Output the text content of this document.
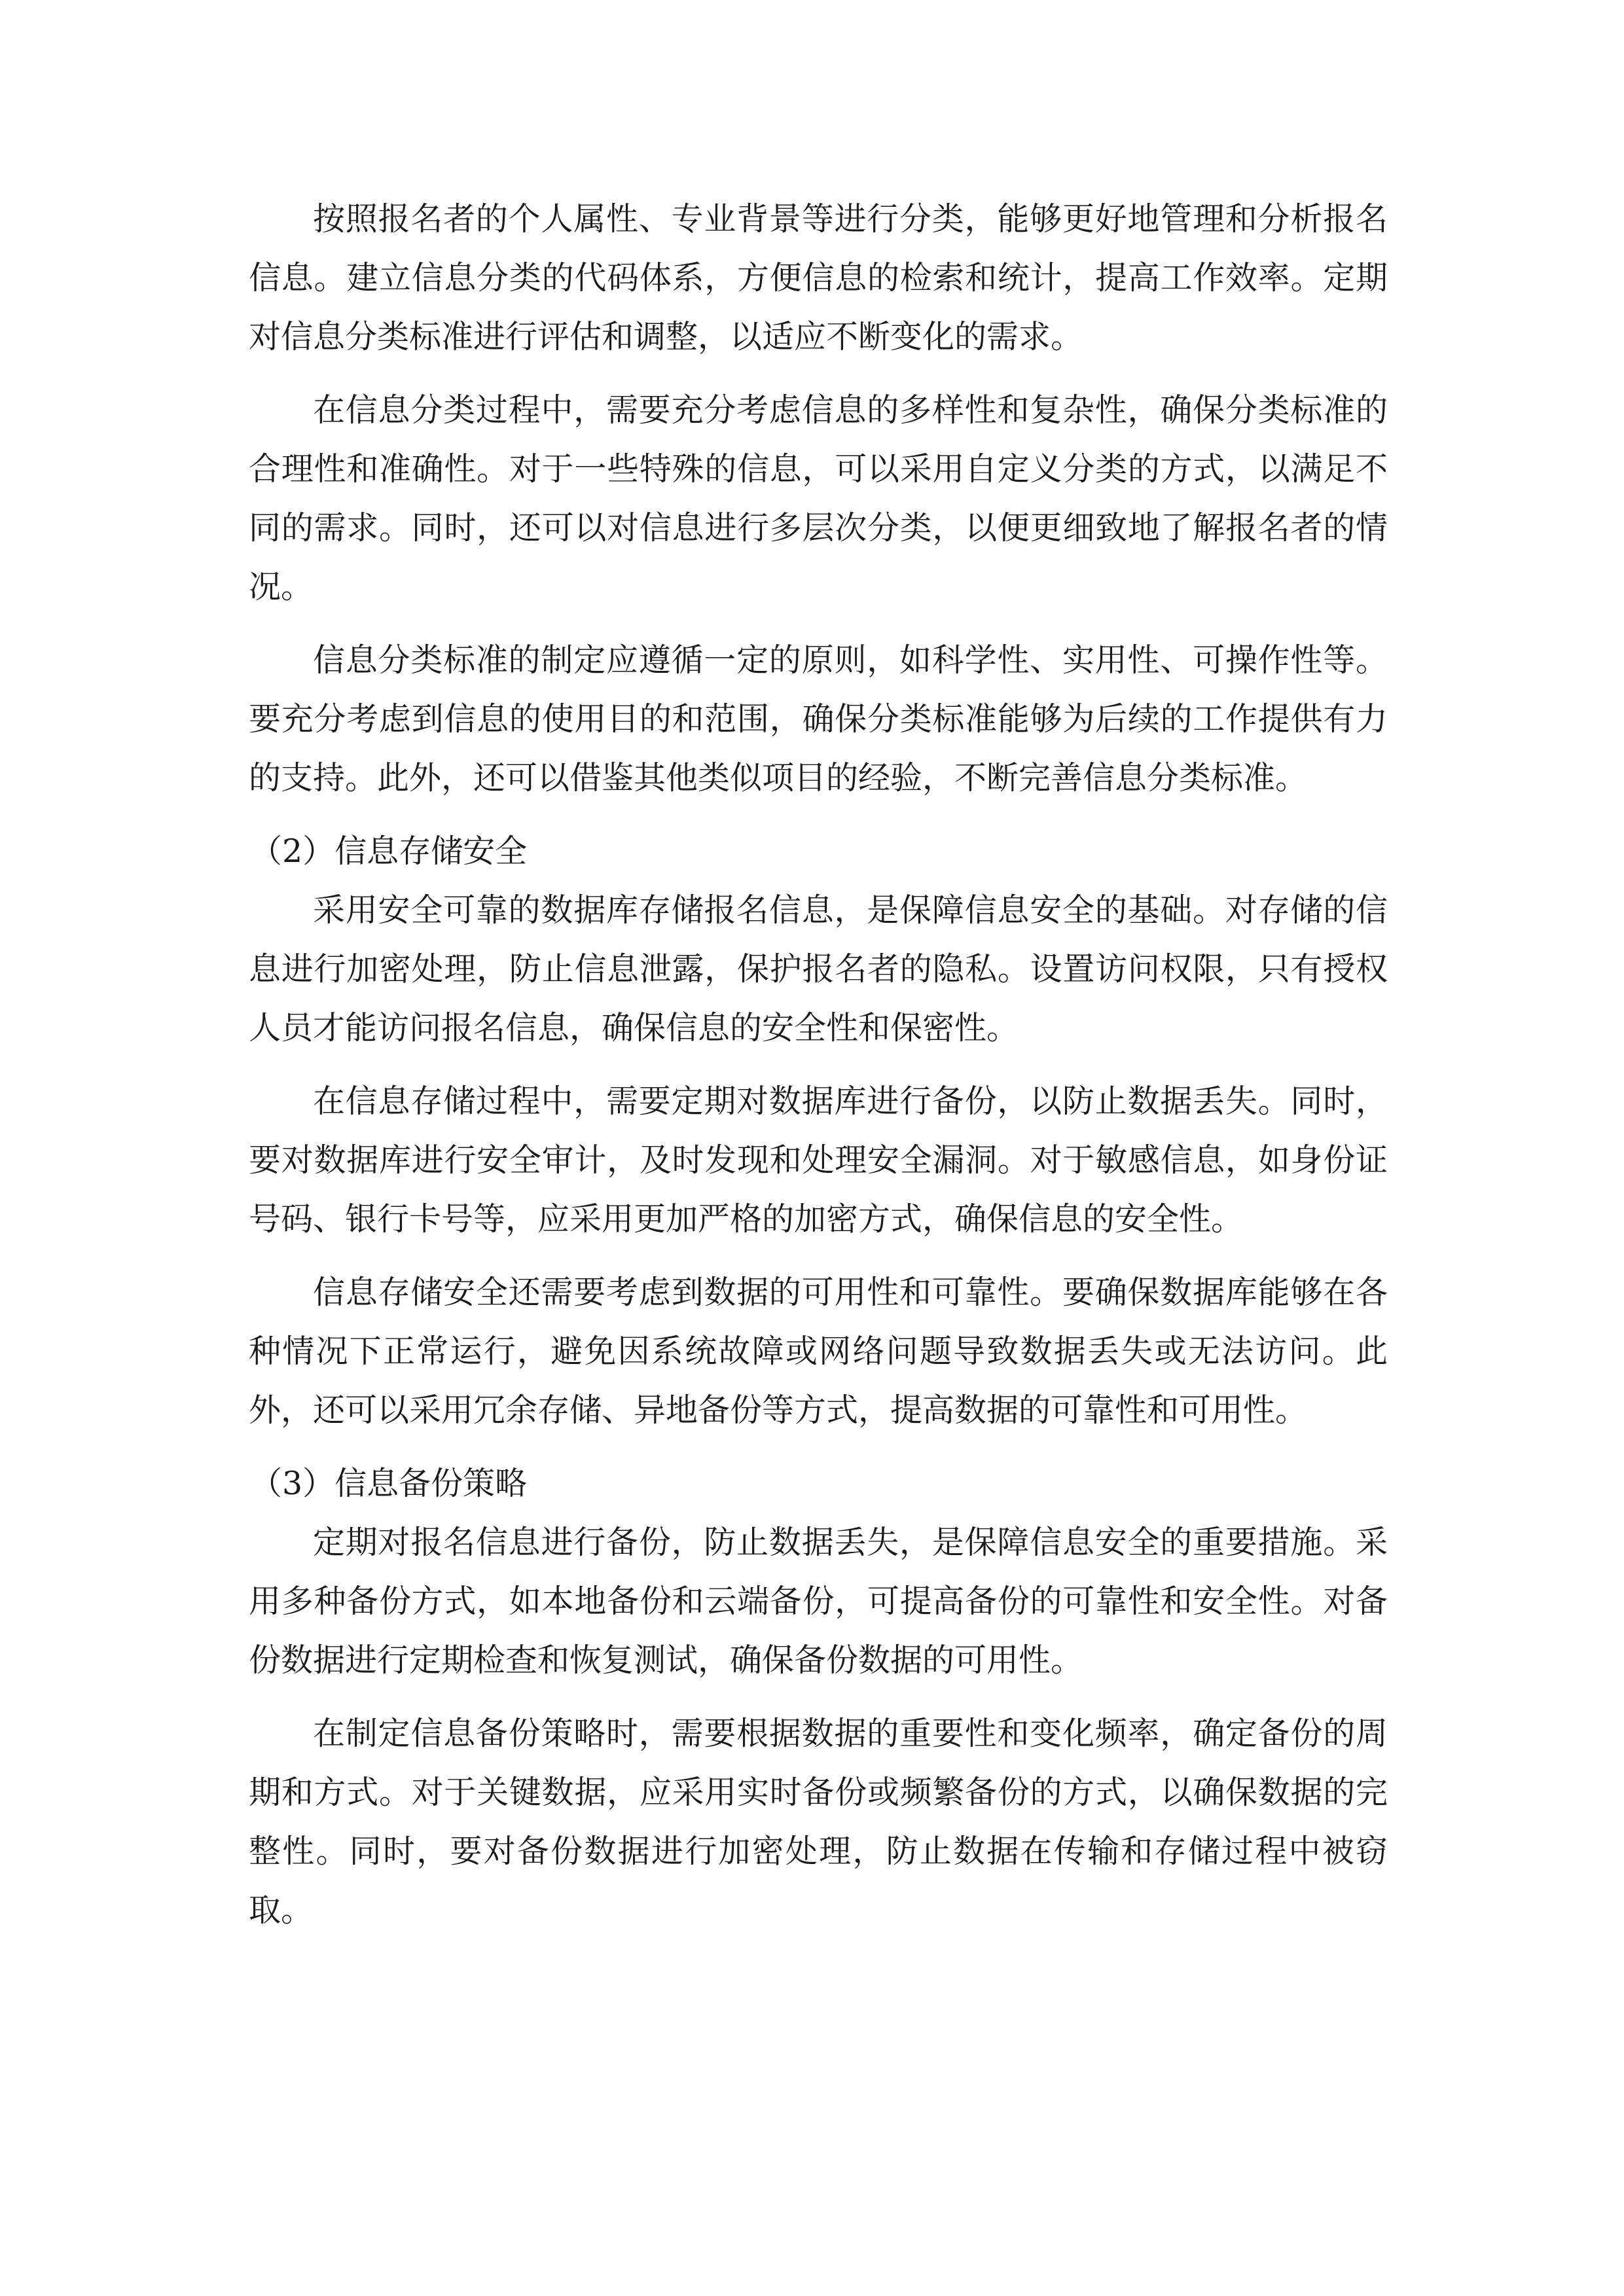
按照报名者的个人属性、专业背景等进行分类，能够更好地管理和分析报名信息。建立信息分类的代码体系，方便信息的检索和统计，提高工作效率。定期对信息分类标准进行评估和调整，以适应不断变化的需求。

在信息分类过程中，需要充分考虑信息的多样性和复杂性，确保分类标准的合理性和准确性。对于一些特殊的信息，可以采用自定义分类的方式，以满足不同的需求。同时，还可以对信息进行多层次分类，以便更细致地了解报名者的情况。

信息分类标准的制定应遵循一定的原则，如科学性、实用性、可操作性等。要充分考虑到信息的使用目的和范围，确保分类标准能够为后续的工作提供有力的支持。此外，还可以借鉴其他类似项目的经验，不断完善信息分类标准。

（2）信息存储安全

采用安全可靠的数据库存储报名信息，是保障信息安全的基础。对存储的信息进行加密处理，防止信息泄露，保护报名者的隐私。设置访问权限，只有授权人员才能访问报名信息，确保信息的安全性和保密性。

在信息存储过程中，需要定期对数据库进行备份，以防止数据丢失。同时，要对数据库进行安全审计，及时发现和处理安全漏洞。对于敏感信息，如身份证号码、银行卡号等，应采用更加严格的加密方式，确保信息的安全性。

信息存储安全还需要考虑到数据的可用性和可靠性。要确保数据库能够在各种情况下正常运行，避免因系统故障或网络问题导致数据丢失或无法访问。此外，还可以采用冗余存储、异地备份等方式，提高数据的可靠性和可用性。

（3）信息备份策略

定期对报名信息进行备份，防止数据丢失，是保障信息安全的重要措施。采用多种备份方式，如本地备份和云端备份，可提高备份的可靠性和安全性。对备份数据进行定期检查和恢复测试，确保备份数据的可用性。

在制定信息备份策略时，需要根据数据的重要性和变化频率，确定备份的周期和方式。对于关键数据，应采用实时备份或频繁备份的方式，以确保数据的完整性。同时，要对备份数据进行加密处理，防止数据在传输和存储过程中被窃取。
